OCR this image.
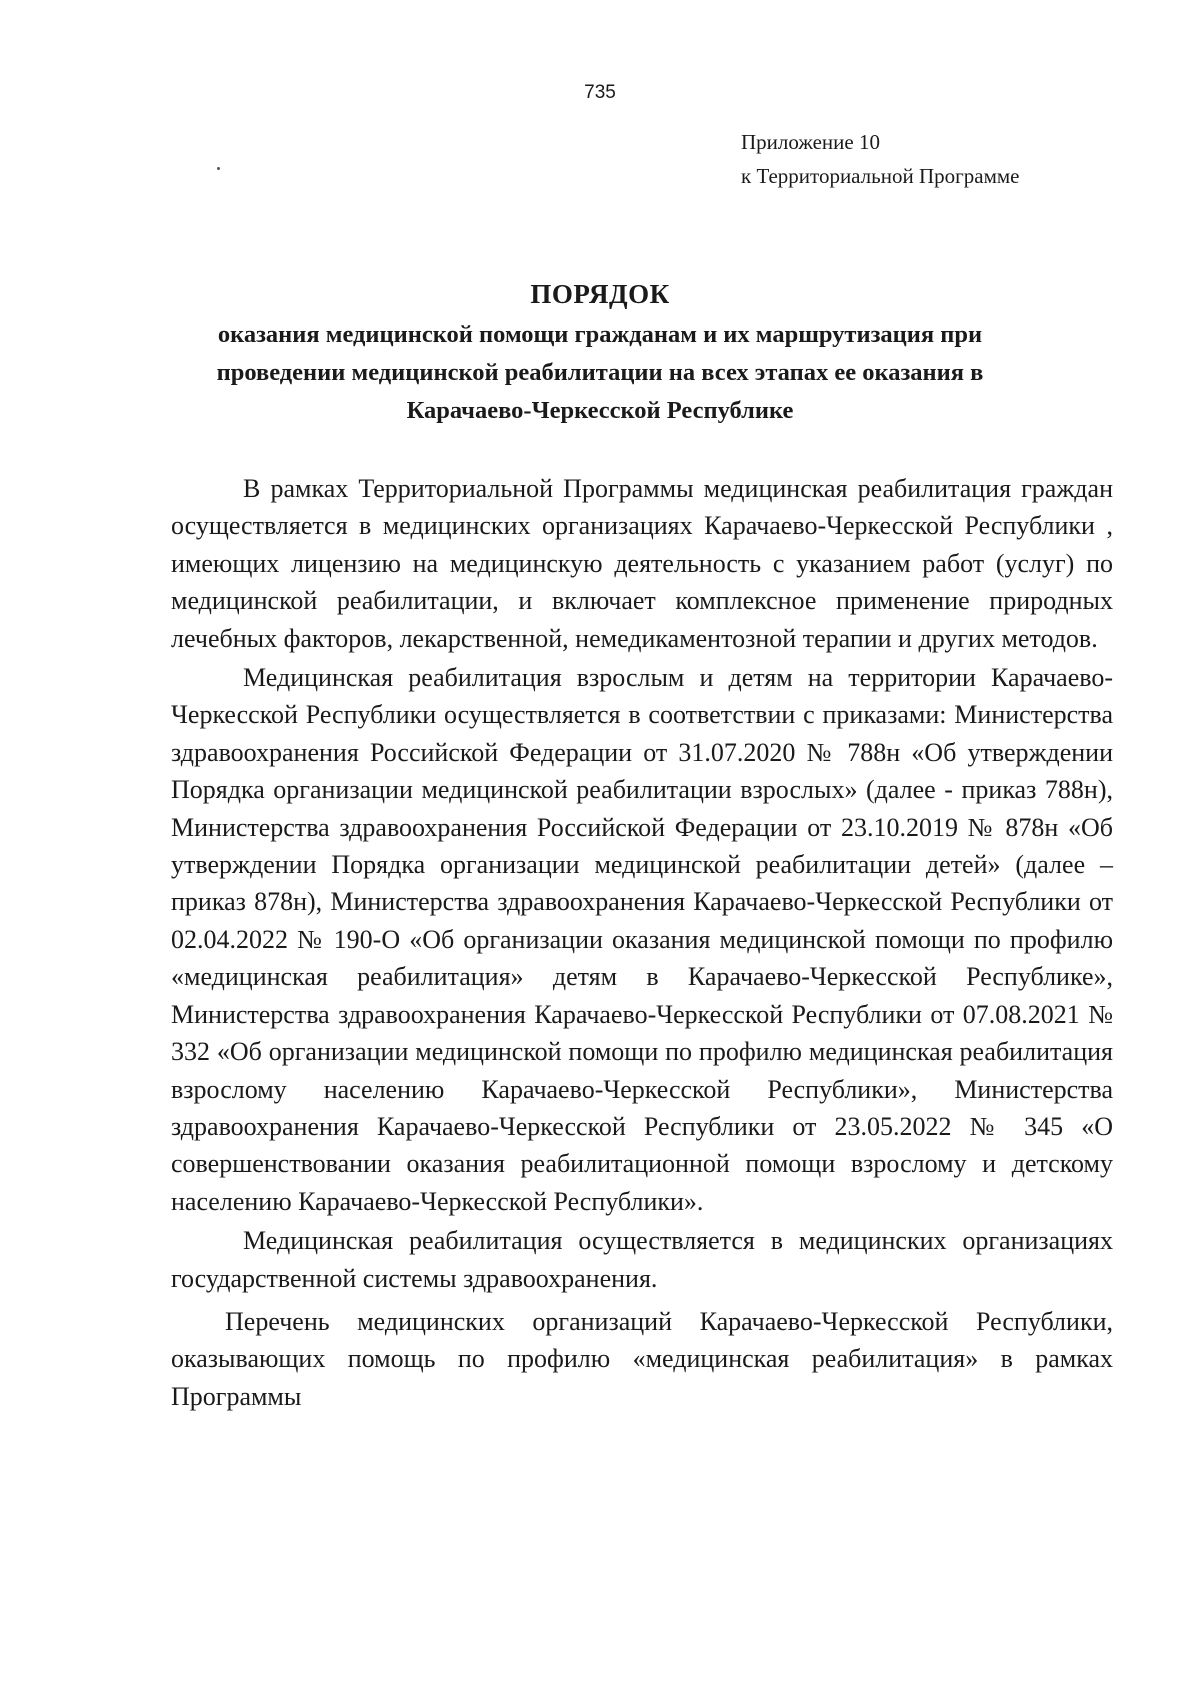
735
Приложение 10
к Территориальной Программе
ПОРЯДОК
оказания медицинской помощи гражданам и их маршрутизация при проведении медицинской реабилитации на всех этапах ее оказания в Карачаево-Черкесской Республике

В рамках Территориальной Программы медицинская реабилитация граждан осуществляется в медицинских организациях Карачаево-Черкесской Республики , имеющих лицензию на медицинскую деятельность с указанием работ (услуг) по медицинской реабилитации, и включает комплексное применение природных лечебных факторов, лекарственной, немедикаментозной терапии и других методов.

Медицинская реабилитация взрослым и детям на территории Карачаево-Черкесской Республики осуществляется в соответствии с приказами: Министерства здравоохранения Российской Федерации от 31.07.2020 № 788н «Об утверждении Порядка организации медицинской реабилитации взрослых» (далее - приказ 788н), Министерства здравоохранения Российской Федерации от 23.10.2019 № 878н «Об утверждении Порядка организации медицинской реабилитации детей» (далее – приказ 878н), Министерства здравоохранения Карачаево-Черкесской Республики от 02.04.2022 № 190-О «Об организации оказания медицинской помощи по профилю «медицинская реабилитация» детям в Карачаево-Черкесской Республике», Министерства здравоохранения Карачаево-Черкесской Республики от 07.08.2021 № 332 «Об организации медицинской помощи по профилю медицинская реабилитация взрослому населению Карачаево-Черкесской Республики», Министерства здравоохранения Карачаево-Черкесской Республики от 23.05.2022 № 345 «О совершенствовании оказания реабилитационной помощи взрослому и детскому населению Карачаево-Черкесской Республики».

Медицинская реабилитация осуществляется в медицинских организациях государственной системы здравоохранения.

Перечень медицинских организаций Карачаево-Черкесской Республики, оказывающих помощь по профилю «медицинская реабилитация» в рамках Программы
